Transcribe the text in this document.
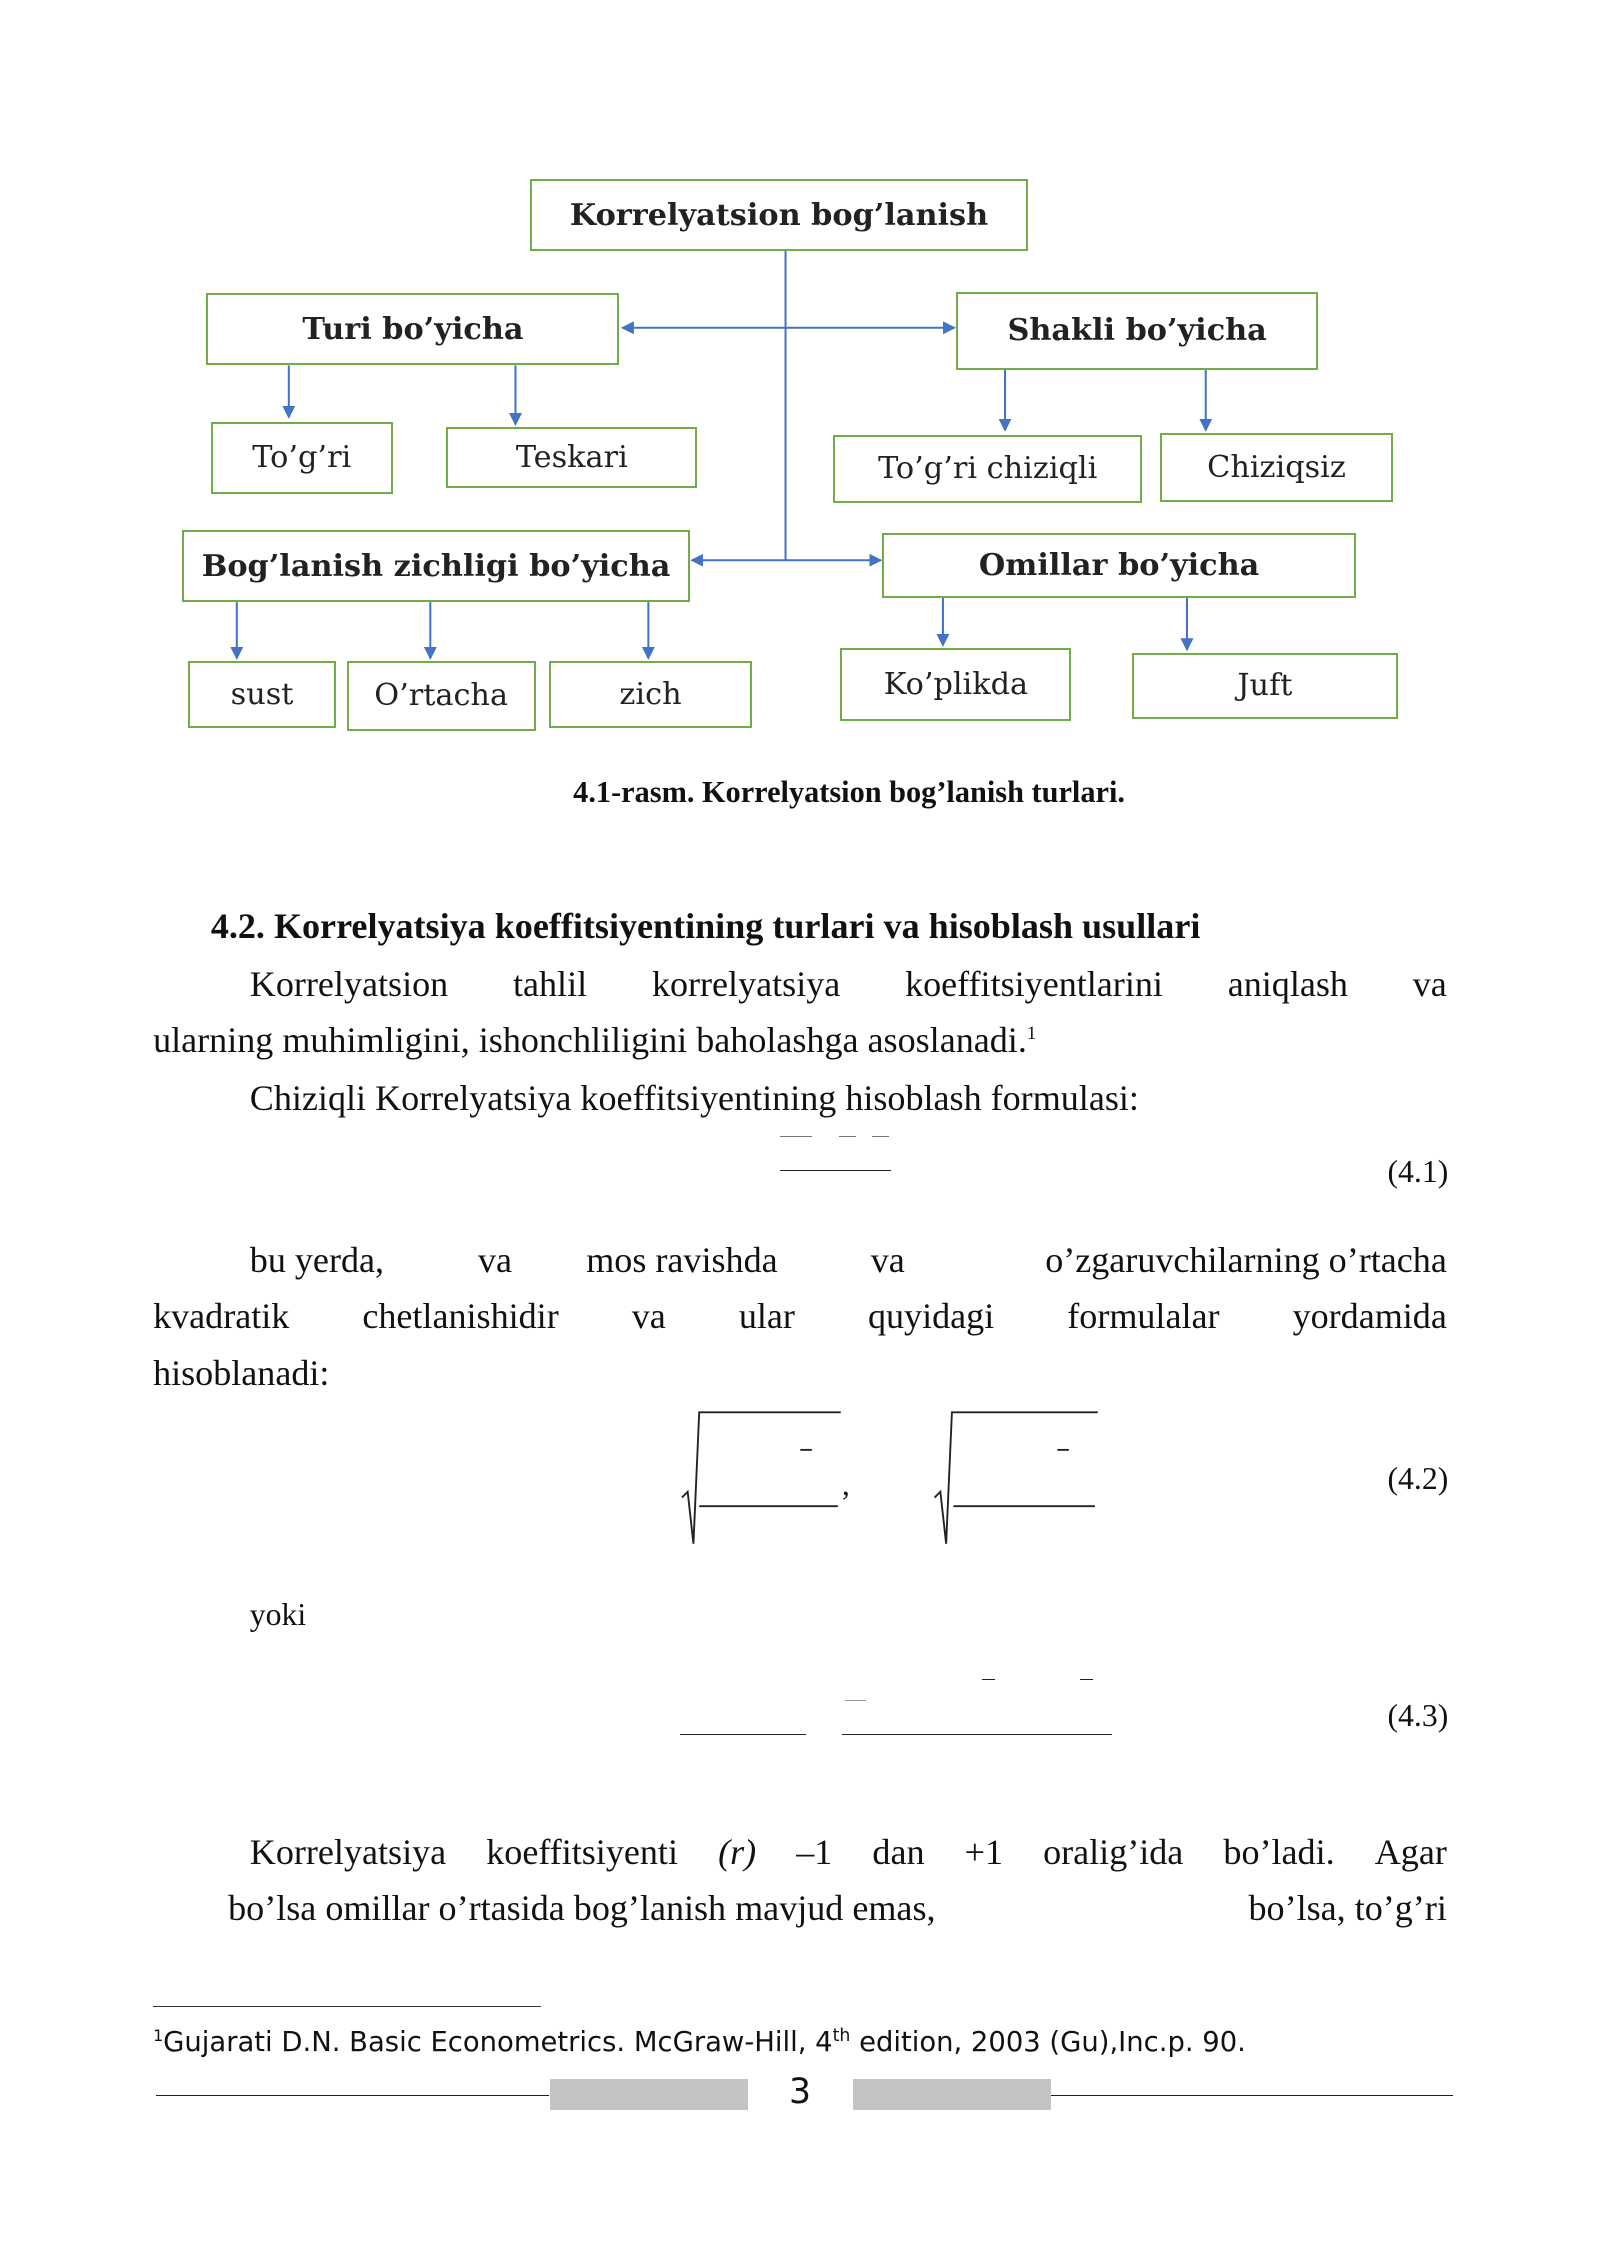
Korrelyatsion bog’lanish
Turi bo’yicha	Shakli bo’yicha
To’g’ri	Teskari	To’g’ri chiziqli	Chiziqsiz
Bog’lanish zichligi bo’yicha	Omillar bo’yicha
sust	O’rtacha	zich	Ko’plikda	Juft
4.1-rasm. Korrelyatsion bog’lanish turlari.
4.2. Korrelyatsiya koeffitsiyentining turlari va hisoblash usullari
Korrelyatsion	tahlil	korrelyatsiya	koeffitsiyentlarini	aniqlash	va
ularning muhimligini, ishonchliligini baholashga asoslanadi.$^1$
Chiziqli Korrelyatsiya koeffitsiyentining hisoblash formulasi:
(4.1)
bu yerda,	va	mos ravishda	va	o’zgaruvchilarning o’rtacha
kvadratik	chetlanishidir	va	ular	quyidagi	formulalar	yordamida
hisoblanadi:
,	(4.2)
yoki
(4.3)
Korrelyatsiya koeffitsiyenti (r) –1 dan +1 oralig’ida bo’ladi. Agar
bo’lsa omillar o’rtasida bog’lanish mavjud emas,	bo’lsa, to’g’ri
$^1$Gujarati D.N. Basic Econometrics. McGraw-Hill, 4th edition, 2003 (Gu),Inc.p. 90.
3
